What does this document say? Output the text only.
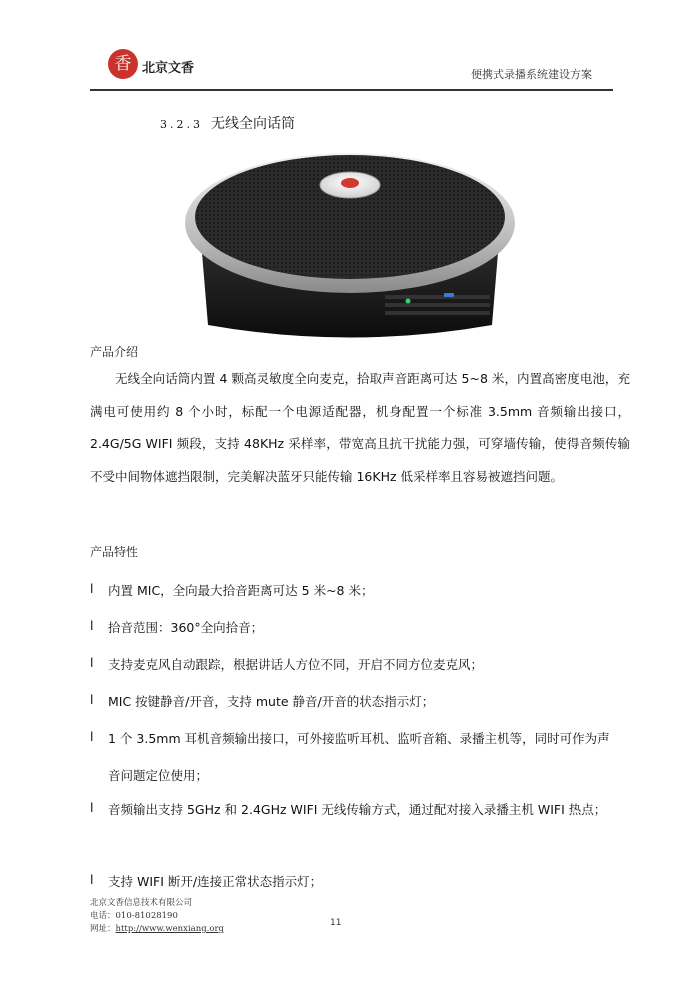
香 北京文香	便携式录播系统建设方案
3.2.3 无线全向话筒
产品介绍

无线全向话筒内置 4 颗高灵敏度全向麦克，拾取声音距离可达 5~8 米，内置高密度电池，充满电可使用约 8 个小时，标配一个电源适配器，机身配置一个标准 3.5mm 音频输出接口，2.4G/5G WIFI 频段，支持 48KHz 采样率，带宽高且抗干扰能力强，可穿墙传输，使得音频传输不受中间物体遮挡限制，完美解决蓝牙只能传输 16KHz 低采样率且容易被遮挡问题。

产品特性
l 内置 MIC，全向最大拾音距离可达 5 米~8 米；
l 拾音范围：360°全向拾音；
l 支持麦克风自动跟踪，根据讲话人方位不同，开启不同方位麦克风；
l MIC 按键静音/开音，支持 mute 静音/开音的状态指示灯；
l 1 个 3.5mm 耳机音频输出接口，可外接监听耳机、监听音箱、录播主机等，同时可作为声音问题定位使用；
l 音频输出支持 5GHz 和 2.4GHz WIFI 无线传输方式，通过配对接入录播主机 WIFI 热点；
l 支持 WIFI 断开/连接正常状态指示灯；
北京文香信息技术有限公司
电话：010-81028190
网址：http://www.wenxiang.org
11
